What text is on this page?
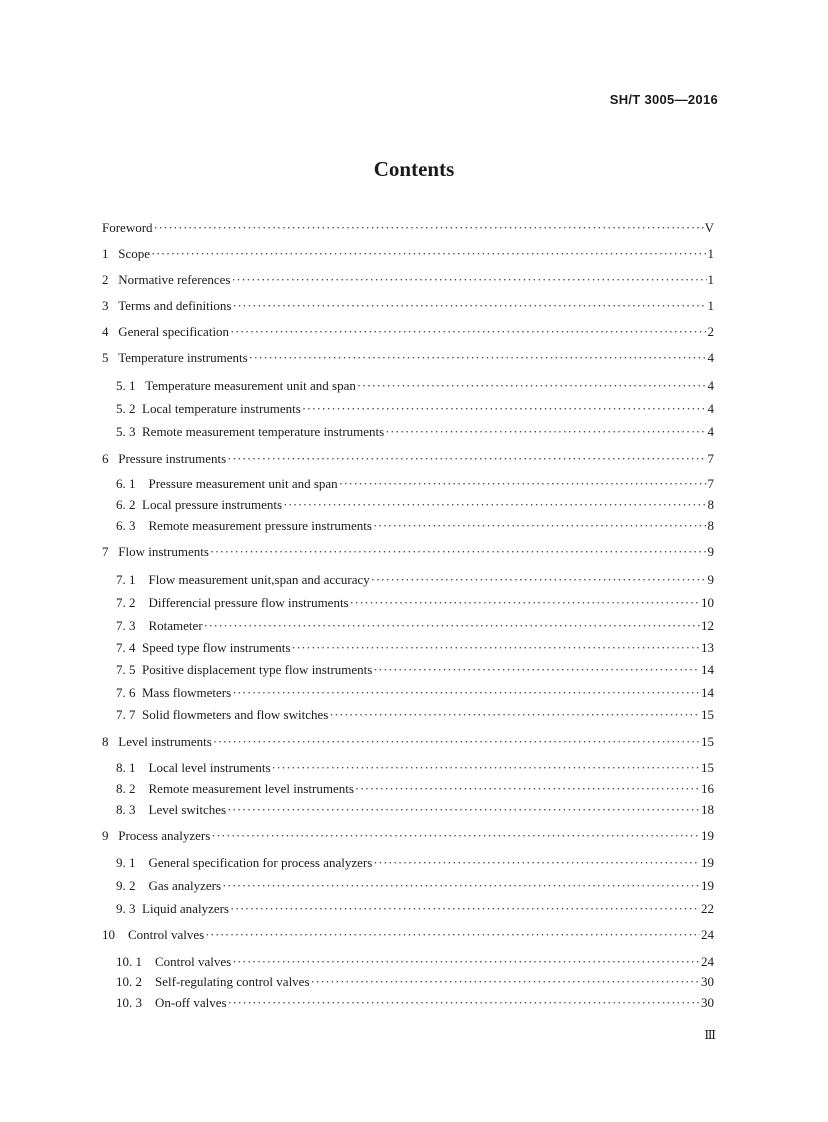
SH/T 3005—2016
Contents
Foreword ·····	V
1 Scope ·····	1
2 Normative references ·····	1
3 Terms and definitions ·····	1
4 General specification ·····	2
5 Temperature instruments ·····	4
5. 1 Temperature measurement unit and span ·····	4
5. 2 Local temperature instruments ·····	4
5. 3 Remote measurement temperature instruments ·····	4
6 Pressure instruments ·····	7
6. 1 Pressure measurement unit and span ·····	7
6. 2 Local pressure instruments ·····	8
6. 3 Remote measurement pressure instruments ·····	8
7 Flow instruments ·····	9
7. 1 Flow measurement unit,span and accuracy ·····	9
7. 2 Differencial pressure flow instruments ·····	10
7. 3 Rotameter ·····	12
7. 4 Speed type flow instruments ·····	13
7. 5 Positive displacement type flow instruments ·····	14
7. 6 Mass flowmeters ·····	14
7. 7 Solid flowmeters and flow switches ·····	15
8 Level instruments ·····	15
8. 1 Local level instruments ·····	15
8. 2 Remote measurement level instruments ·····	16
8. 3 Level switches ·····	18
9 Process analyzers ·····	19
9. 1 General specification for process analyzers ·····	19
9. 2 Gas analyzers ·····	19
9. 3 Liquid analyzers ·····	22
10 Control valves ·····	24
10. 1 Control valves ·····	24
10. 2 Self-regulating control valves ·····	30
10. 3 On-off valves ·····	30
Ⅲ
